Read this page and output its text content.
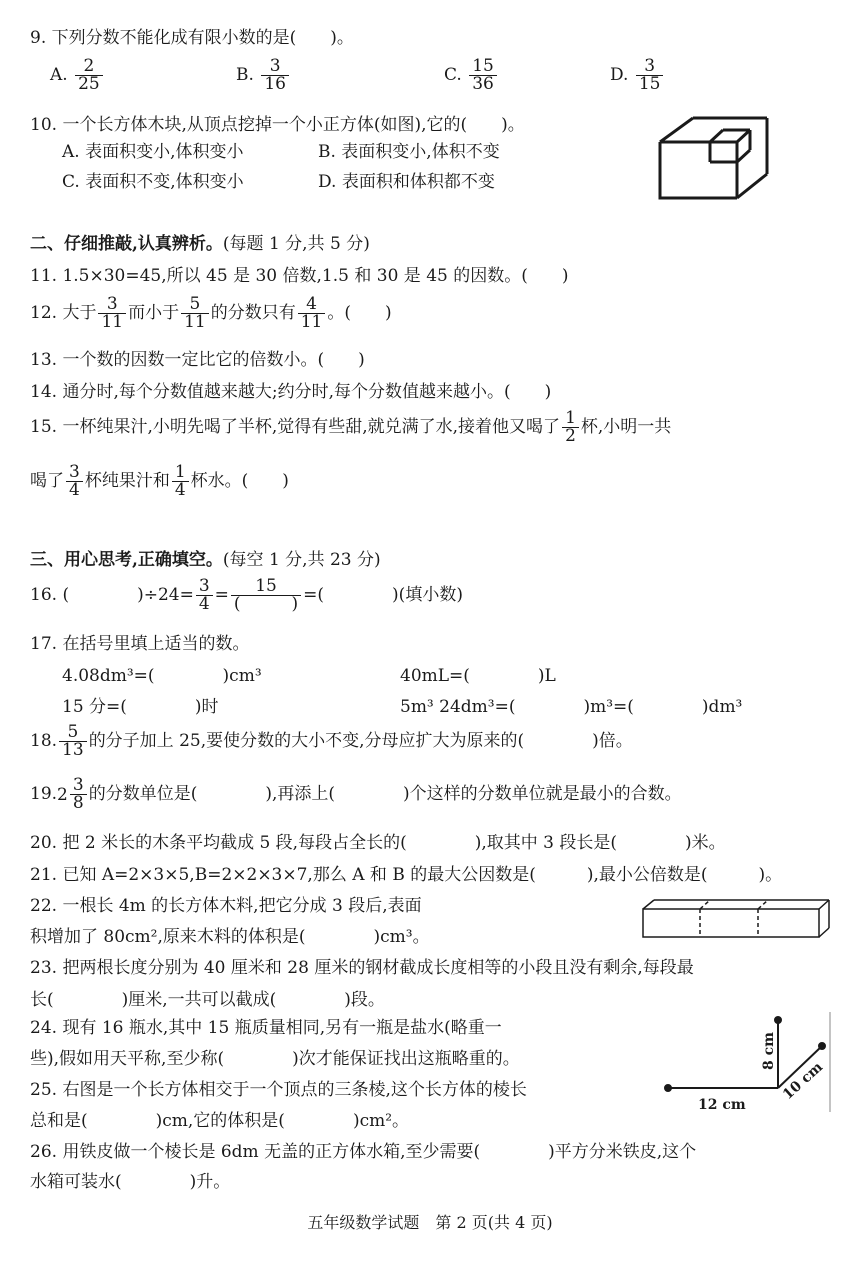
9. 下列分数不能化成有限小数的是(　　)。
A. $\frac{2}{25}$	B. $\frac{3}{16}$	C. $\frac{15}{36}$	D. $\frac{3}{15}$
10. 一个长方体木块,从顶点挖掉一个小正方体(如图),它的(　　)。
A. 表面积变小,体积变小	B. 表面积变小,体积不变
C. 表面积不变,体积变小	D. 表面积和体积都不变
二、仔细推敲,认真辨析。(每题 1 分,共 5 分)
11. 1.5×30=45,所以 45 是 30 倍数,1.5 和 30 是 45 的因数。(　　)
12. 大于 $\frac{3}{11}$ 而小于 $\frac{5}{11}$ 的分数只有 $\frac{4}{11}$ 。(　　)
13. 一个数的因数一定比它的倍数小。(　　)
14. 通分时,每个分数值越来越大;约分时,每个分数值越来越小。(　　)
15. 一杯纯果汁,小明先喝了半杯,觉得有些甜,就兑满了水,接着他又喝了 $\frac{1}{2}$ 杯,小明一共
喝了 $\frac{3}{4}$ 杯纯果汁和 $\frac{1}{4}$ 杯水。(　　)
三、用心思考,正确填空。(每空 1 分,共 23 分)
16. (　　　　)$\div 24= \frac{3}{4} = \frac{15}{( )}$ =(　　　　)(填小数)
17. 在括号里填上适当的数。
4.08dm³=(　　　　)cm³	40mL=(　　　　)L
15 分=(　　　　)时	5m³ 24dm³=(　　　　)m³=(　　　　)dm³
18. $\frac{5}{13}$ 的分子加上 25,要使分数的大小不变,分母应扩大为原来的(　　　　)倍。
$19.2 \frac{3}{8}$ 的分数单位是(　　　　),再添上(　　　　)个这样的分数单位就是最小的合数。
20. 把 2 米长的木条平均截成 5 段,每段占全长的(　　　　),取其中 3 段长是(　　　　)米。
21. 已知 A=2×3×5,B=2×2×3×7,那么 A 和 B 的最大公因数是(　　　),最小公倍数是(　　　)。
22. 一根长 4m 的长方体木料,把它分成 3 段后,表面
积增加了 80cm²,原来木料的体积是(　　　　)cm³。
23. 把两根长度分别为 40 厘米和 28 厘米的钢材截成长度相等的小段且没有剩余,每段最
长(　　　　)厘米,一共可以截成(　　　　)段。
24. 现有 16 瓶水,其中 15 瓶质量相同,另有一瓶是盐水(略重一
些),假如用天平称,至少称(　　　　)次才能保证找出这瓶略重的。
25. 右图是一个长方体相交于一个顶点的三条棱,这个长方体的棱长
总和是(　　　　)cm,它的体积是(　　　　)cm²。
12 cm
8 cm
10 cm
26. 用铁皮做一个棱长是 6dm 无盖的正方体水箱,至少需要(　　　　)平方分米铁皮,这个
水箱可装水(　　　　)升。
五年级数学试题　第 2 页(共 4 页)
